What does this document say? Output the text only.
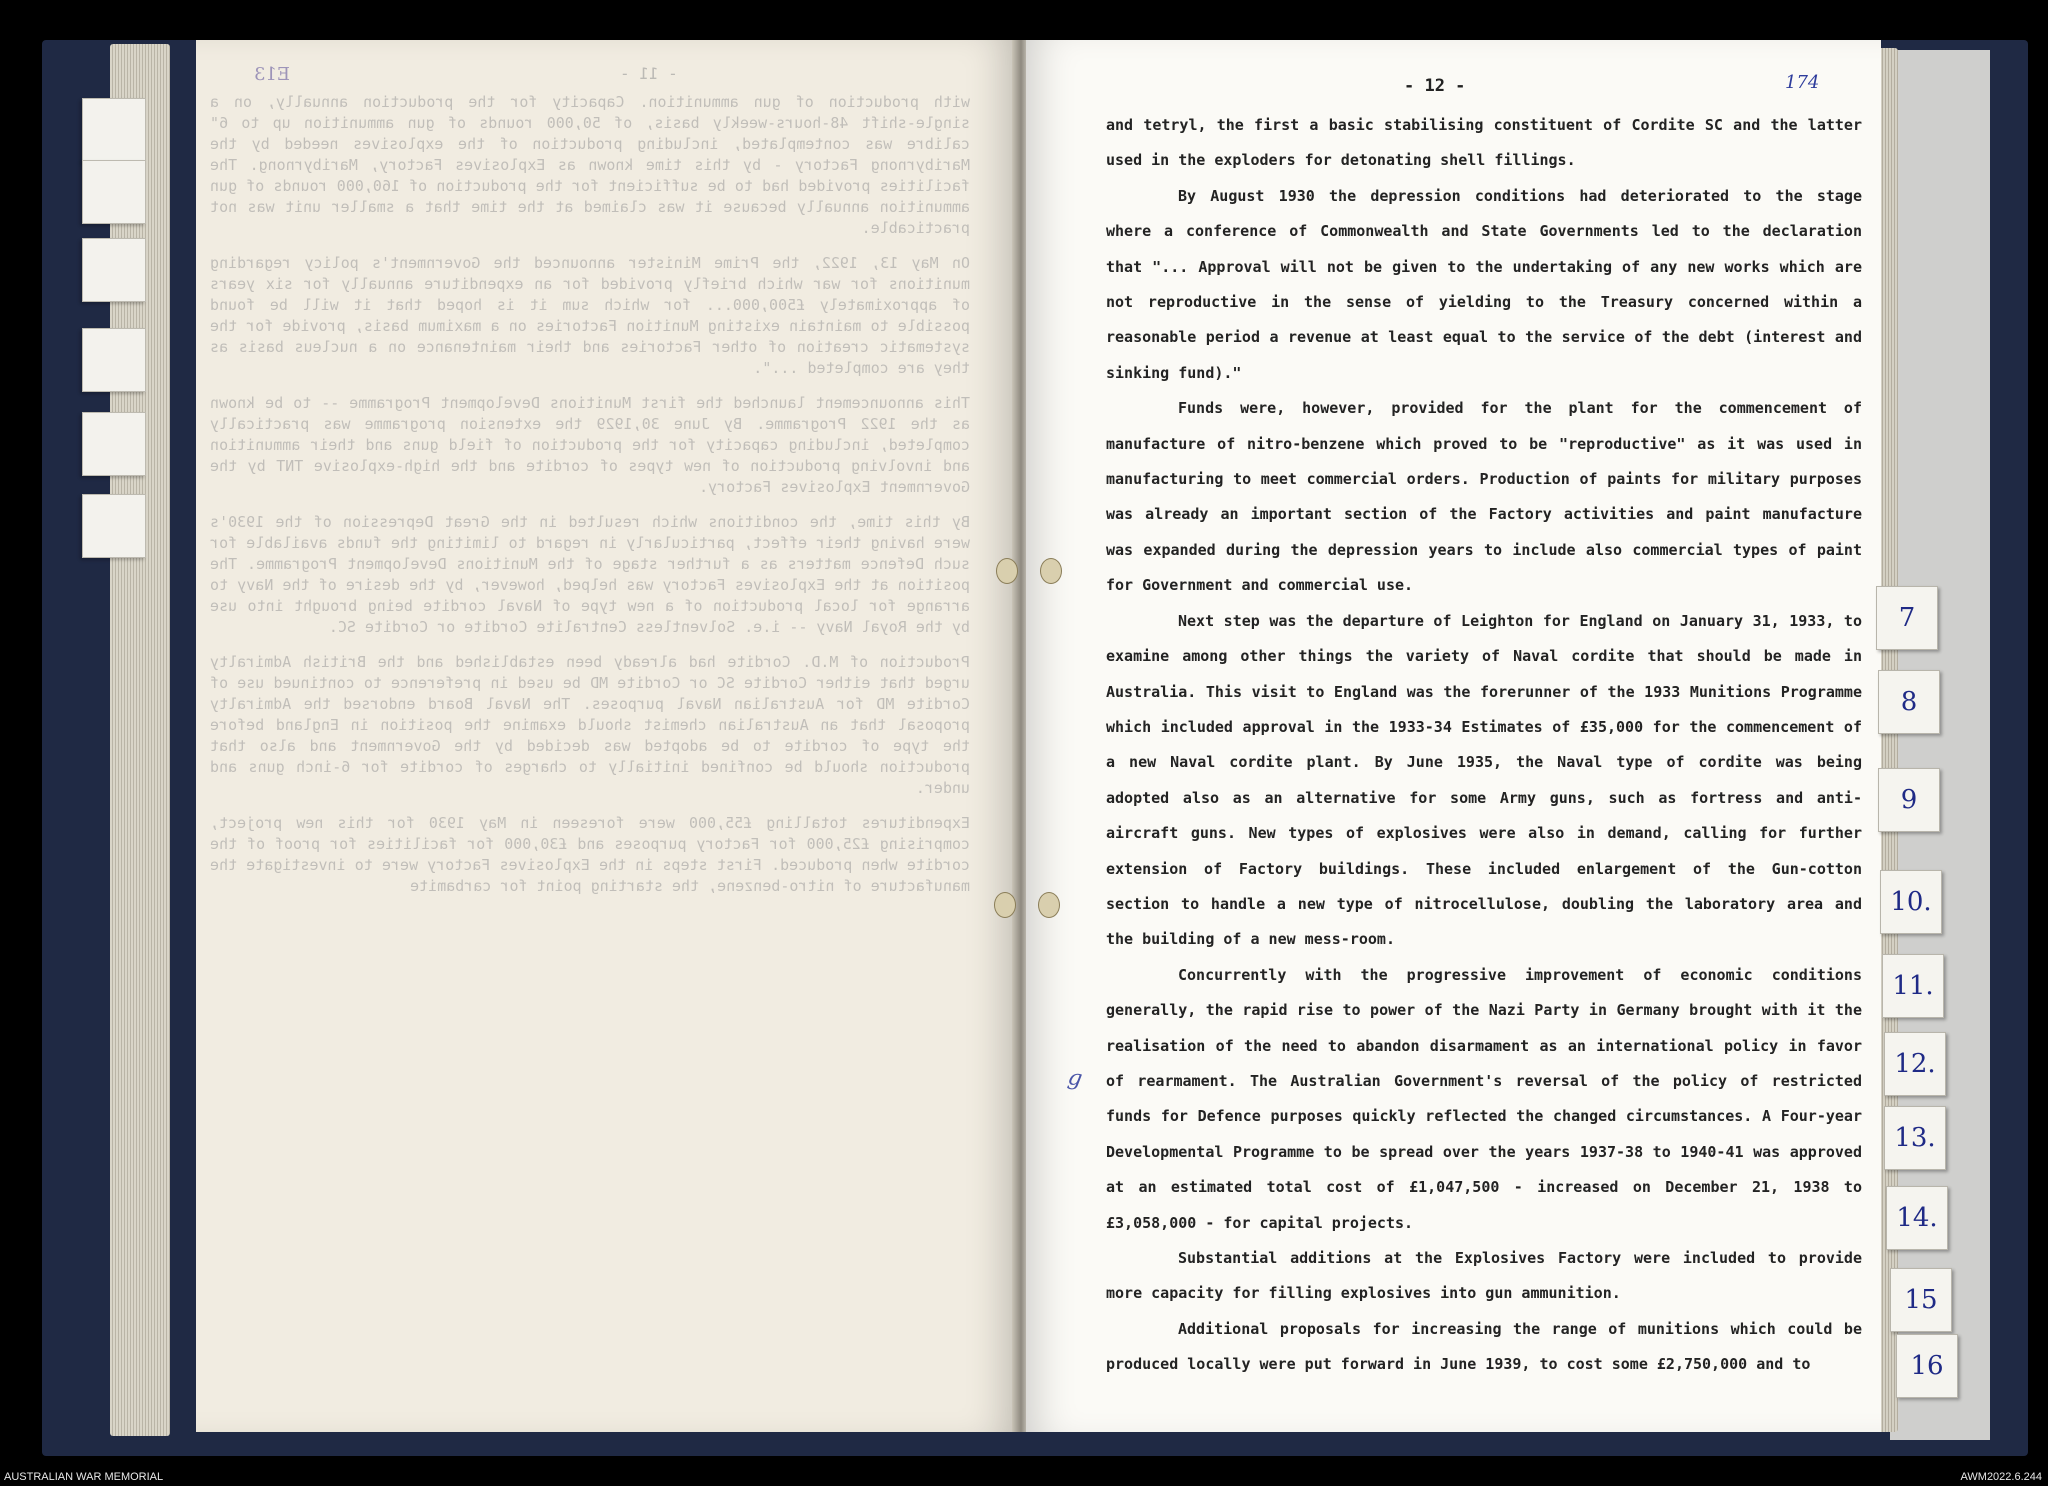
E13	- 11 -

with production of gun ammunition. Capacity for the production annually, on a single-shift 48-hours-weekly basis, of 50,000 rounds of gun ammunition up to 6" calibre was contemplated, including production of the explosives needed by the Maribyrnong Factory - by this time known as Explosives Factory, Maribyrnong. The facilities provided had to be sufficient for the production of 160,000 rounds of gun ammunition annually because it was claimed at the time that a smaller unit was not practicable.

On May 13, 1922, the Prime Minister announced the Government's policy regarding munitions for war which briefly provided for an expenditure annually for six years of approximately £500,000... for which sum it is hoped that it will be found possible to maintain existing Munition Factories on a maximum basis, provide for the systematic creation of other Factories and their maintenance on a nucleus basis as they are completed ...".

This announcement launched the first Munitions Development Programme -- to be known as the 1922 Programme. By June 30,1929 the extension programme was practically completed, including capacity for the production of field guns and their ammunition and involving production of new types of cordite and the high-explosive TNT by the Government Explosives Factory.

By this time, the conditions which resulted in the Great Depression of the 1930's were having their effect, particularly in regard to limiting the funds available for such Defence matters as a further stage of the Munitions Development Programme. The position at the Explosives Factory was helped, however, by the desire of the Navy to arrange for local production of a new type of Naval cordite being brought into use by the Royal Navy -- i.e. Solventless Centralite Cordite or Cordite SC.

Production of M.D. Cordite had already been established and the British Admiralty urged that either Cordite SC or Cordite MD be used in preference to continued use of Cordite MD for Australian Naval purposes. The Naval Board endorsed the Admiralty proposal that an Australian chemist should examine the position in England before the type of cordite to be adopted was decided by the Government and also that production should be confined initially to charges of cordite for 6-inch guns and under.

Expenditures totalling £55,000 were foreseen in May 1930 for this new project, comprising £25,000 for Factory purposes and £30,000 for facilities for proof of the cordite when produced. First steps in the Explosives Factory were to investigate the manufacture of nitro-benzene, the starting point for carbamite

- 12 -	174

and tetryl, the first a basic stabilising constituent of Cordite SC and the latter used in the exploders for detonating shell fillings.

By August 1930 the depression conditions had deteriorated to the stage where a conference of Commonwealth and State Governments led to the declaration that "... Approval will not be given to the undertaking of any new works which are not reproductive in the sense of yielding to the Treasury concerned within a reasonable period a revenue at least equal to the service of the debt (interest and sinking fund)."

Funds were, however, provided for the plant for the commencement of manufacture of nitro-benzene which proved to be "reproductive" as it was used in manufacturing to meet commercial orders. Production of paints for military purposes was already an important section of the Factory activities and paint manufacture was expanded during the depression years to include also commercial types of paint for Government and commercial use.

Next step was the departure of Leighton for England on January 31, 1933, to examine among other things the variety of Naval cordite that should be made in Australia. This visit to England was the forerunner of the 1933 Munitions Programme which included approval in the 1933-34 Estimates of £35,000 for the commencement of a new Naval cordite plant. By June 1935, the Naval type of cordite was being adopted also as an alternative for some Army guns, such as fortress and anti-aircraft guns. New types of explosives were also in demand, calling for further extension of Factory buildings. These included enlargement of the Gun-cotton section to handle a new type of nitrocellulose, doubling the laboratory area and the building of a new mess-room.

Concurrently with the progressive improvement of economic conditions generally, the rapid rise to power of the Nazi Party in Germany brought with it the realisation of the need to abandon disarmament as an international policy in favor of rearmament. The Australian Government's reversal of the policy of restricted funds for Defence purposes quickly reflected the changed circumstances. A Four-year Developmental Programme to be spread over the years 1937-38 to 1940-41 was approved at an estimated total cost of £1,047,500 - increased on December 21, 1938 to £3,058,000 - for capital projects.

Substantial additions at the Explosives Factory were included to provide more capacity for filling explosives into gun ammunition.

Additional proposals for increasing the range of munitions which could be produced locally were put forward in June 1939, to cost some £2,750,000 and to

g
7
8
9
10.
11.
12.
13.
14.
15
16
AUSTRALIAN WAR MEMORIAL	AWM2022.6.244
